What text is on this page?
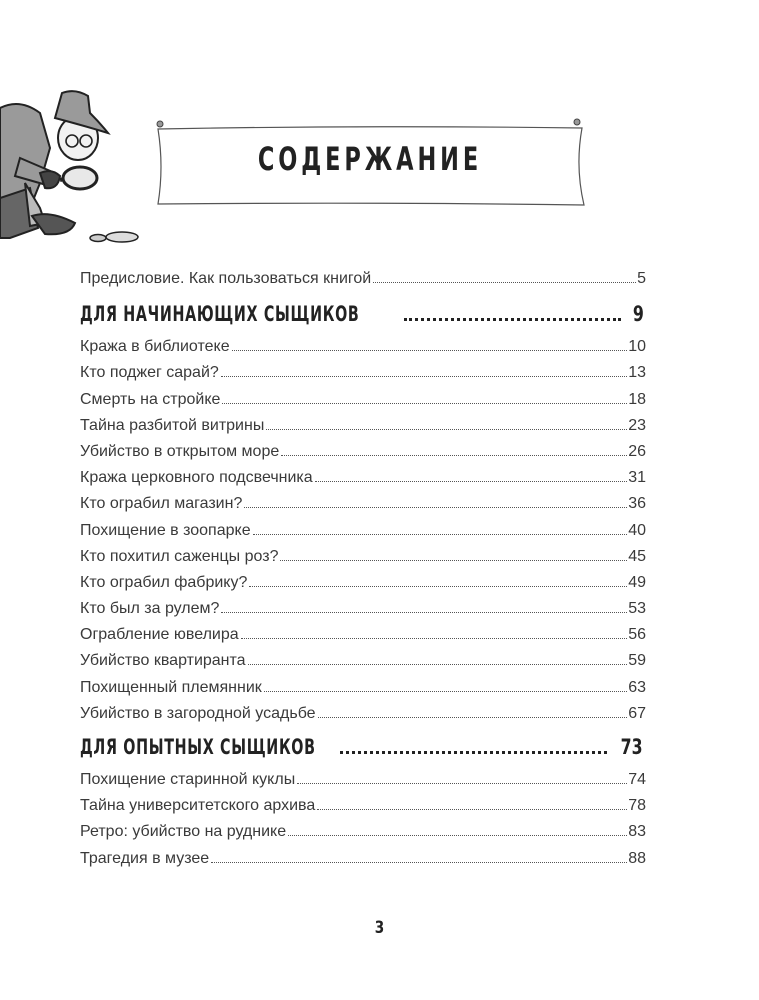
СОДЕРЖАНИЕ
Предисловие. Как пользоваться книгой	5
ДЛЯ НАЧИНАЮЩИХ СЫЩИКОВ	9
Кража в библиотеке	10
Кто поджег сарай?	13
Смерть на стройке	18
Тайна разбитой витрины	23
Убийство в открытом море	26
Кража церковного подсвечника	31
Кто ограбил магазин?	36
Похищение в зоопарке	40
Кто похитил саженцы роз?	45
Кто ограбил фабрику?	49
Кто был за рулем?	53
Ограбление ювелира	56
Убийство квартиранта	59
Похищенный племянник	63
Убийство в загородной усадьбе	67
ДЛЯ ОПЫТНЫХ СЫЩИКОВ	73
Похищение старинной куклы	74
Тайна университетского архива	78
Ретро: убийство на руднике	83
Трагедия в музее	88
3
